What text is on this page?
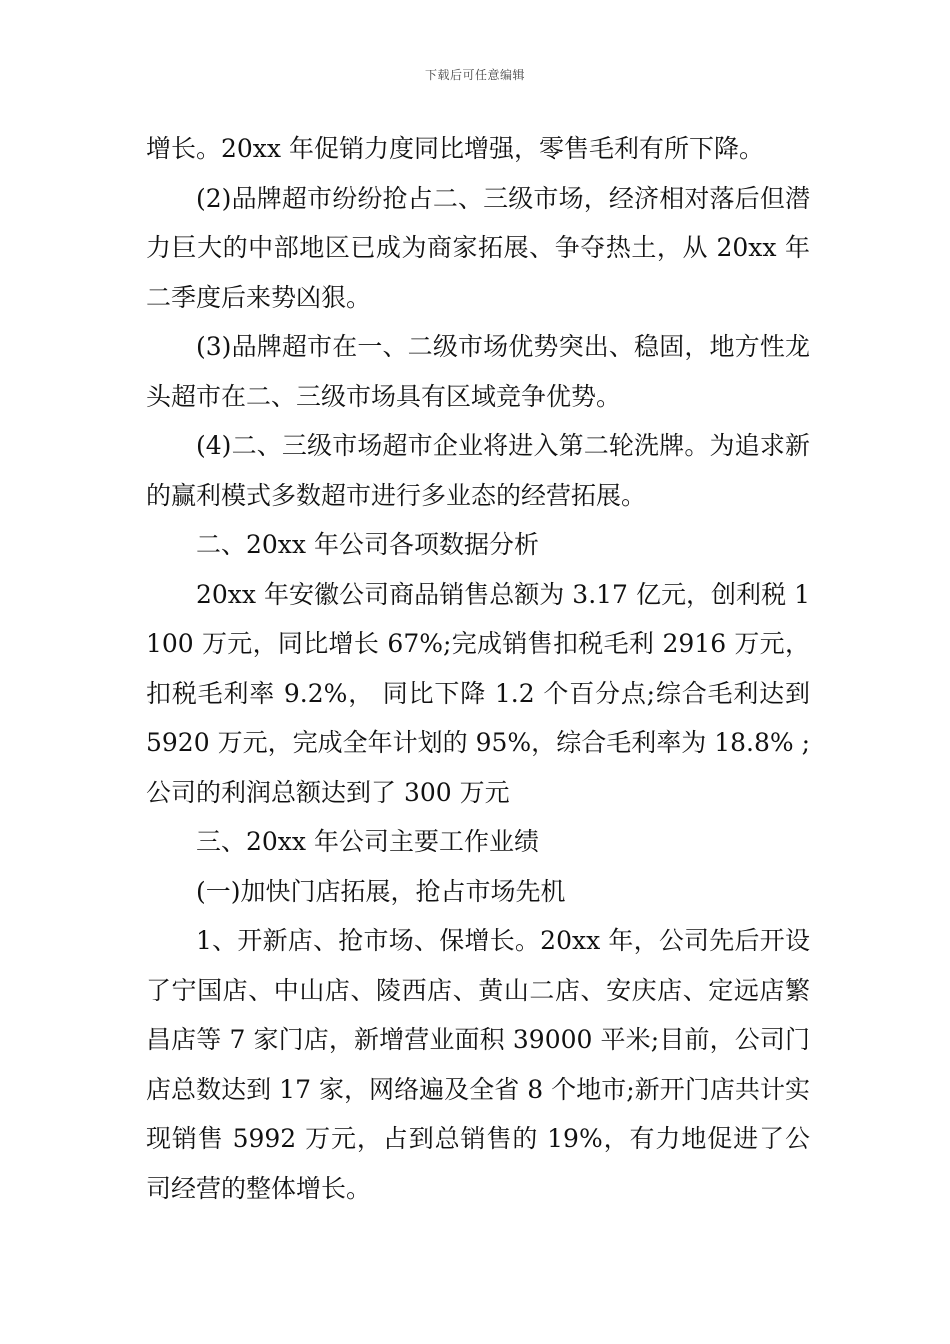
下载后可任意编辑

增长。20xx 年促销力度同比增强，零售毛利有所下降。

(2)品牌超市纷纷抢占二、三级市场，经济相对落后但潜力巨大的中部地区已成为商家拓展、争夺热土，从 20xx 年二季度后来势凶狠。

(3)品牌超市在一、二级市场优势突出、稳固，地方性龙头超市在二、三级市场具有区域竞争优势。

(4)二、三级市场超市企业将进入第二轮洗牌。为追求新的赢利模式多数超市进行多业态的经营拓展。

二、20xx 年公司各项数据分析

20xx 年安徽公司商品销售总额为 3.17 亿元，创利税 1100 万元，同比增长 67%;完成销售扣税毛利 2916 万元，扣税毛利率 9.2%， 同比下降 1.2 个百分点;综合毛利达到 5920 万元，完成全年计划的 95%，综合毛利率为 18.8% ;公司的利润总额达到了 300 万元

三、20xx 年公司主要工作业绩

(一)加快门店拓展，抢占市场先机

1、开新店、抢市场、保增长。20xx 年，公司先后开设了宁国店、中山店、陵西店、黄山二店、安庆店、定远店繁昌店等 7 家门店，新增营业面积 39000 平米;目前，公司门店总数达到 17 家，网络遍及全省 8 个地市;新开门店共计实现销售 5992 万元，占到总销售的 19%，有力地促进了公司经营的整体增长。
